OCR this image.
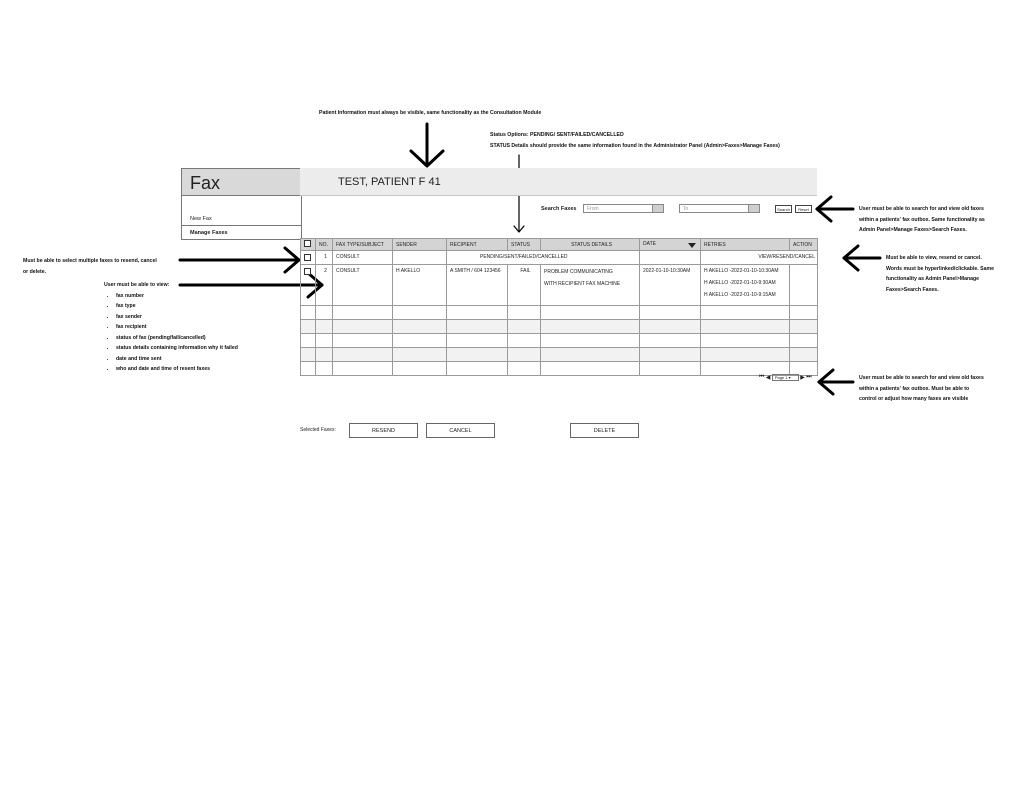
Patient Information must always be visible, same functionality as the Consultation Module
Status Options: PENDING/ SENT/FAILED/CANCELLED
STATUS Details should provide the same information found in the Administrator Panel (Admin>Faxes>Manage Faxes)
User must be able to search for and view old faxes
within a patients' fax outbox. Same functionality as
Admin Panel>Manage Faxes>Search Faxes.
Must be able to view, resend or cancel.
Words must be hyperlinked/clickable. Same
functionality as Admin Panel>Manage
Faxes>Search Faxes.
User must be able to search for and view old faxes
within a patients' fax outbox. Must be able to
control or adjust how many faxes are visible
Must be able to select multiple faxes to resend, cancel
or delete.
User must be able to view:
• fax number
• fax type
• fax sender
• fax recipient
• status of fax (pending/fail/cancelled)
• status details containing information why it failed
• date and time sent
• who and date and time of resent faxes
Fax
New Fax
Manage Faxes
TEST, PATIENT F 41
Search Faxes	From	To	Search	Reset
	NO.	FAX TYPE/SUBJECT	SENDER	RECIPIENT	STATUS	STATUS DETAILS	DATE	RETRIES	ACTION
	1	CONSULT		PENDING/SENT/FAILED/CANCELLED				VIEW/RESEND/CANCEL	
	2	CONSULT	H AKELLO	A SMITH / 604 123456	FAIL	PROBLEM COMMUNICATING
WITH RECIPIENT FAX MACHINE	2022-01-10-10:30AM	H AKELLO -2022-01-10-10:30AM
H AKELLO -2022-01-10-9:30AM
H AKELLO -2022-01-10-9:15AM	

⏮ ◀ Page 1 ▾ ▶ ⏭
Selected Faxes:	RESEND	CANCEL	DELETE
